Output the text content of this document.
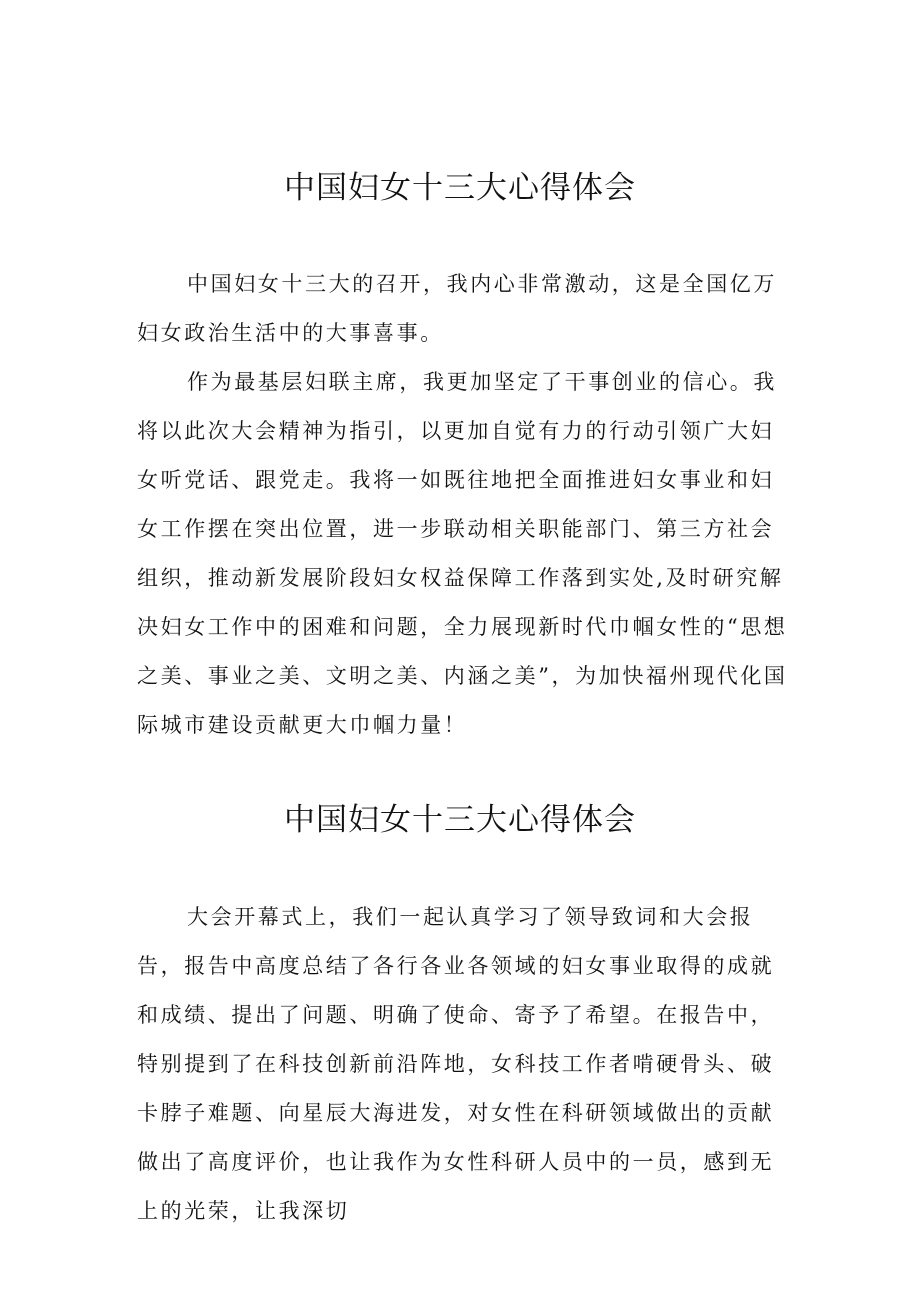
中国妇女十三大心得体会

中国妇女十三大的召开，我内心非常激动，这是全国亿万妇女政治生活中的大事喜事。

作为最基层妇联主席，我更加坚定了干事创业的信心。我将以此次大会精神为指引，以更加自觉有力的行动引领广大妇女听党话、跟党走。我将一如既往地把全面推进妇女事业和妇女工作摆在突出位置，进一步联动相关职能部门、第三方社会组织，推动新发展阶段妇女权益保障工作落到实处,及时研究解决妇女工作中的困难和问题，全力展现新时代巾帼女性的“思想之美、事业之美、文明之美、内涵之美”，为加快福州现代化国际城市建设贡献更大巾帼力量！

中国妇女十三大心得体会

大会开幕式上，我们一起认真学习了领导致词和大会报告，报告中高度总结了各行各业各领域的妇女事业取得的成就和成绩、提出了问题、明确了使命、寄予了希望。在报告中，特别提到了在科技创新前沿阵地，女科技工作者啃硬骨头、破卡脖子难题、向星辰大海进发，对女性在科研领域做出的贡献做出了高度评价，也让我作为女性科研人员中的一员，感到无上的光荣，让我深切
